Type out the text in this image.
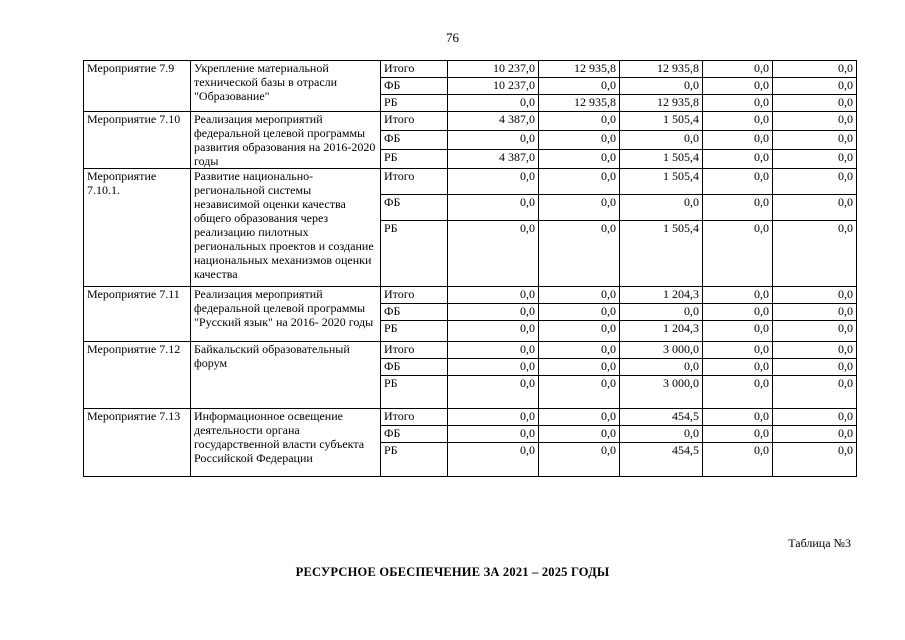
76
Мероприятие 7.9	Укрепление материальной технической базы в отрасли "Образование"	Итого	10 237,0	12 935,8	12 935,8	0,0	0,0
		ФБ	10 237,0	0,0	0,0	0,0	0,0
		РБ	0,0	12 935,8	12 935,8	0,0	0,0
Мероприятие 7.10	Реализация мероприятий федеральной целевой программы развития образования на 2016-2020 годы	Итого	4 387,0	0,0	1 505,4	0,0	0,0
		ФБ	0,0	0,0	0,0	0,0	0,0
		РБ	4 387,0	0,0	1 505,4	0,0	0,0
Мероприятие 7.10.1.	Развитие национально-региональной системы независимой оценки качества общего образования через реализацию пилотных региональных проектов и создание национальных механизмов оценки качества	Итого	0,0	0,0	1 505,4	0,0	0,0
		ФБ	0,0	0,0	0,0	0,0	0,0
		РБ	0,0	0,0	1 505,4	0,0	0,0
Мероприятие 7.11	Реализация мероприятий федеральной целевой программы "Русский язык" на 2016- 2020 годы	Итого	0,0	0,0	1 204,3	0,0	0,0
		ФБ	0,0	0,0	0,0	0,0	0,0
		РБ	0,0	0,0	1 204,3	0,0	0,0
Мероприятие 7.12	Байкальский образовательный форум	Итого	0,0	0,0	3 000,0	0,0	0,0
		ФБ	0,0	0,0	0,0	0,0	0,0
		РБ	0,0	0,0	3 000,0	0,0	0,0
Мероприятие 7.13	Информационное освещение деятельности органа государственной власти субъекта Российской Федерации	Итого	0,0	0,0	454,5	0,0	0,0
		ФБ	0,0	0,0	0,0	0,0	0,0
		РБ	0,0	0,0	454,5	0,0	0,0
Таблица №3
РЕСУРСНОЕ ОБЕСПЕЧЕНИЕ ЗА 2021 – 2025 ГОДЫ
